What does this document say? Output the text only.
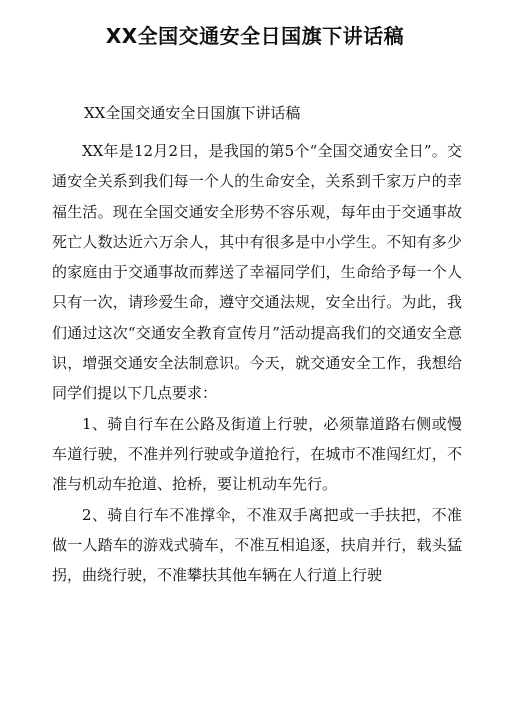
XX全国交通安全日国旗下讲话稿
XX全国交通安全日国旗下讲话稿

XX年是12月2日，是我国的第5个“全国交通安全日”。交通安全关系到我们每一个人的生命安全，关系到千家万户的幸福生活。现在全国交通安全形势不容乐观，每年由于交通事故死亡人数达近六万余人，其中有很多是中小学生。不知有多少的家庭由于交通事故而葬送了幸福同学们，生命给予每一个人只有一次，请珍爱生命，遵守交通法规，安全出行。为此，我们通过这次“交通安全教育宣传月”活动提高我们的交通安全意识，增强交通安全法制意识。今天，就交通安全工作，我想给同学们提以下几点要求：

1、骑自行车在公路及街道上行驶，必须靠道路右侧或慢车道行驶，不准并列行驶或争道抢行，在城市不准闯红灯，不准与机动车抢道、抢桥，要让机动车先行。

2、骑自行车不准撑伞，不准双手离把或一手扶把，不准做一人踏车的游戏式骑车，不准互相追逐，扶肩并行，载头猛拐，曲绕行驶，不准攀扶其他车辆在人行道上行驶
